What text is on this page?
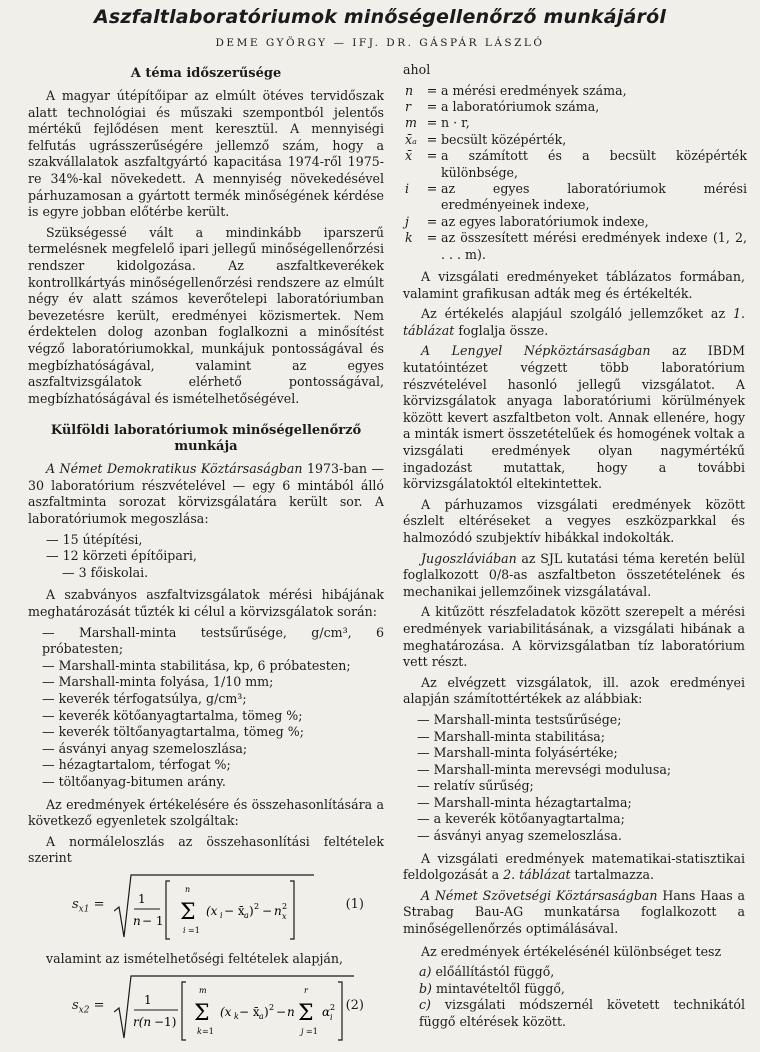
Aszfaltlaboratóriumok minőségellenőrző munkájáról
DEME GYÖRGY — IFJ. DR. GÁSPÁR LÁSZLÓ
A téma időszerűsége

A magyar útépítőipar az elmúlt ötéves tervidőszak alatt technológiai és műszaki szempontból jelentős mértékű fejlődésen ment keresztül. A mennyiségi felfutás ugrásszerűségére jellemző szám, hogy a szakvállalatok aszfaltgyártó kapacitása 1974-ről 1975-re 34%-kal növekedett. A mennyiség növekedésével párhuzamosan a gyártott termék minőségének kérdése is egyre jobban előtérbe került.

Szükségessé vált a mindinkább iparszerű termelésnek megfelelő ipari jellegű minőségellenőrzési rendszer kidolgozása. Az aszfaltkeverékek kontrollkártyás minőségellenőrzési rendszere az elmúlt négy év alatt számos keverőtelepi laboratóriumban bevezetésre került, eredményei közismertek. Nem érdektelen dolog azonban foglalkozni a minősítést végző laboratóriumokkal, munkájuk pontosságával és megbízhatóságával, valamint az egyes aszfaltvizsgálatok elérhető pontosságával, megbízhatóságával és ismételhetőségével.

Külföldi laboratóriumok minőségellenőrző munkája

A Német Demokratikus Köztársaságban 1973-ban — 30 laboratórium részvételével — egy 6 mintából álló aszfaltminta sorozat körvizsgálatára került sor. A laboratóriumok megoszlása:

— 15 útépítési,
— 12 körzeti építőipari,
— 3 főiskolai.

A szabványos aszfaltvizsgálatok mérési hibájának meghatározását tűzték ki célul a körvizsgálatok során:

— Marshall-minta testsűrűsége, g/cm³, 6 próbatesten;
— Marshall-minta stabilitása, kp, 6 próbatesten;
— Marshall-minta folyása, 1/10 mm;
— keverék térfogatsúlya, g/cm³;
— keverék kötőanyagtartalma, tömeg %;
— keverék töltőanyagtartalma, tömeg %;
— ásványi anyag szemeloszlása;
— hézagtartalom, térfogat %;
— töltőanyag-bitumen arány.

Az eredmények értékelésére és összehasonlítására a következő egyenletek szolgáltak:

A normáleloszlás az összehasonlítási feltételek szerint

$s_{x1}$ =	1
n − 1 Σ
n
i =1
(x i − x̄ a ) 2 − n 2
x
(1)

valamint az ismételhetőségi feltételek alapján,

$s_{x2}$ =	1
r(n −1) Σ
m
k =1
(x k − x̄ a ) 2 − n Σ
r
j =1
α 2
i
(2)

ahol

n	=	a mérési eredmények száma,
r	=	a laboratóriumok száma,
m	=	n · r,
x̄ₐ	=	becsült középérték,
x̄	=	a számított és a becsült középérték különbsége,
i	=	az egyes laboratóriumok mérési eredményeinek indexe,
j	=	az egyes laboratóriumok indexe,
k	=	az összesített mérési eredmények indexe (1, 2, . . . m).

A vizsgálati eredményeket táblázatos formában, valamint grafikusan adták meg és értékelték.

Az értékelés alapjául szolgáló jellemzőket az 1. táblázat foglalja össze.

A Lengyel Népköztársaságban az IBDM kutatóintézet végzett több laboratórium részvételével hasonló jellegű vizsgálatot. A körvizsgálatok anyaga laboratóriumi körülmények között kevert aszfaltbeton volt. Annak ellenére, hogy a minták ismert összetételűek és homogének voltak a vizsgálati eredmények olyan nagymértékű ingadozást mutattak, hogy a további körvizsgálatoktól eltekintettek.

A párhuzamos vizsgálati eredmények között észlelt eltéréseket a vegyes eszközparkkal és halmozódó szubjektív hibákkal indokolták.

Jugoszláviában az SJL kutatási téma keretén belül foglalkozott 0/8-as aszfaltbeton összetételének és mechanikai jellemzőinek vizsgálatával.

A kitűzött részfeladatok között szerepelt a mérési eredmények variabilitásának, a vizsgálati hibának a meghatározása. A körvizsgálatban tíz laboratórium vett részt.

Az elvégzett vizsgálatok, ill. azok eredményei alapján számítottértékek az alábbiak:

— Marshall-minta testsűrűsége;
— Marshall-minta stabilitása;
— Marshall-minta folyásértéke;
— Marshall-minta merevségi modulusa;
— relatív sűrűség;
— Marshall-minta hézagtartalma;
— a keverék kötőanyagtartalma;
— ásványi anyag szemeloszlása.

A vizsgálati eredmények matematikai-statisztikai feldolgozását a 2. táblázat tartalmazza.

A Német Szövetségi Köztársaságban Hans Haas a Strabag Bau-AG munkatársa foglalkozott a minőségellenőrzés optimálásával.

Az eredmények értékelésénél különbséget tesz

a) előállítástól függő,
b) mintavételtől függő,
c) vizsgálati módszernél követett technikától függő eltérések között.
